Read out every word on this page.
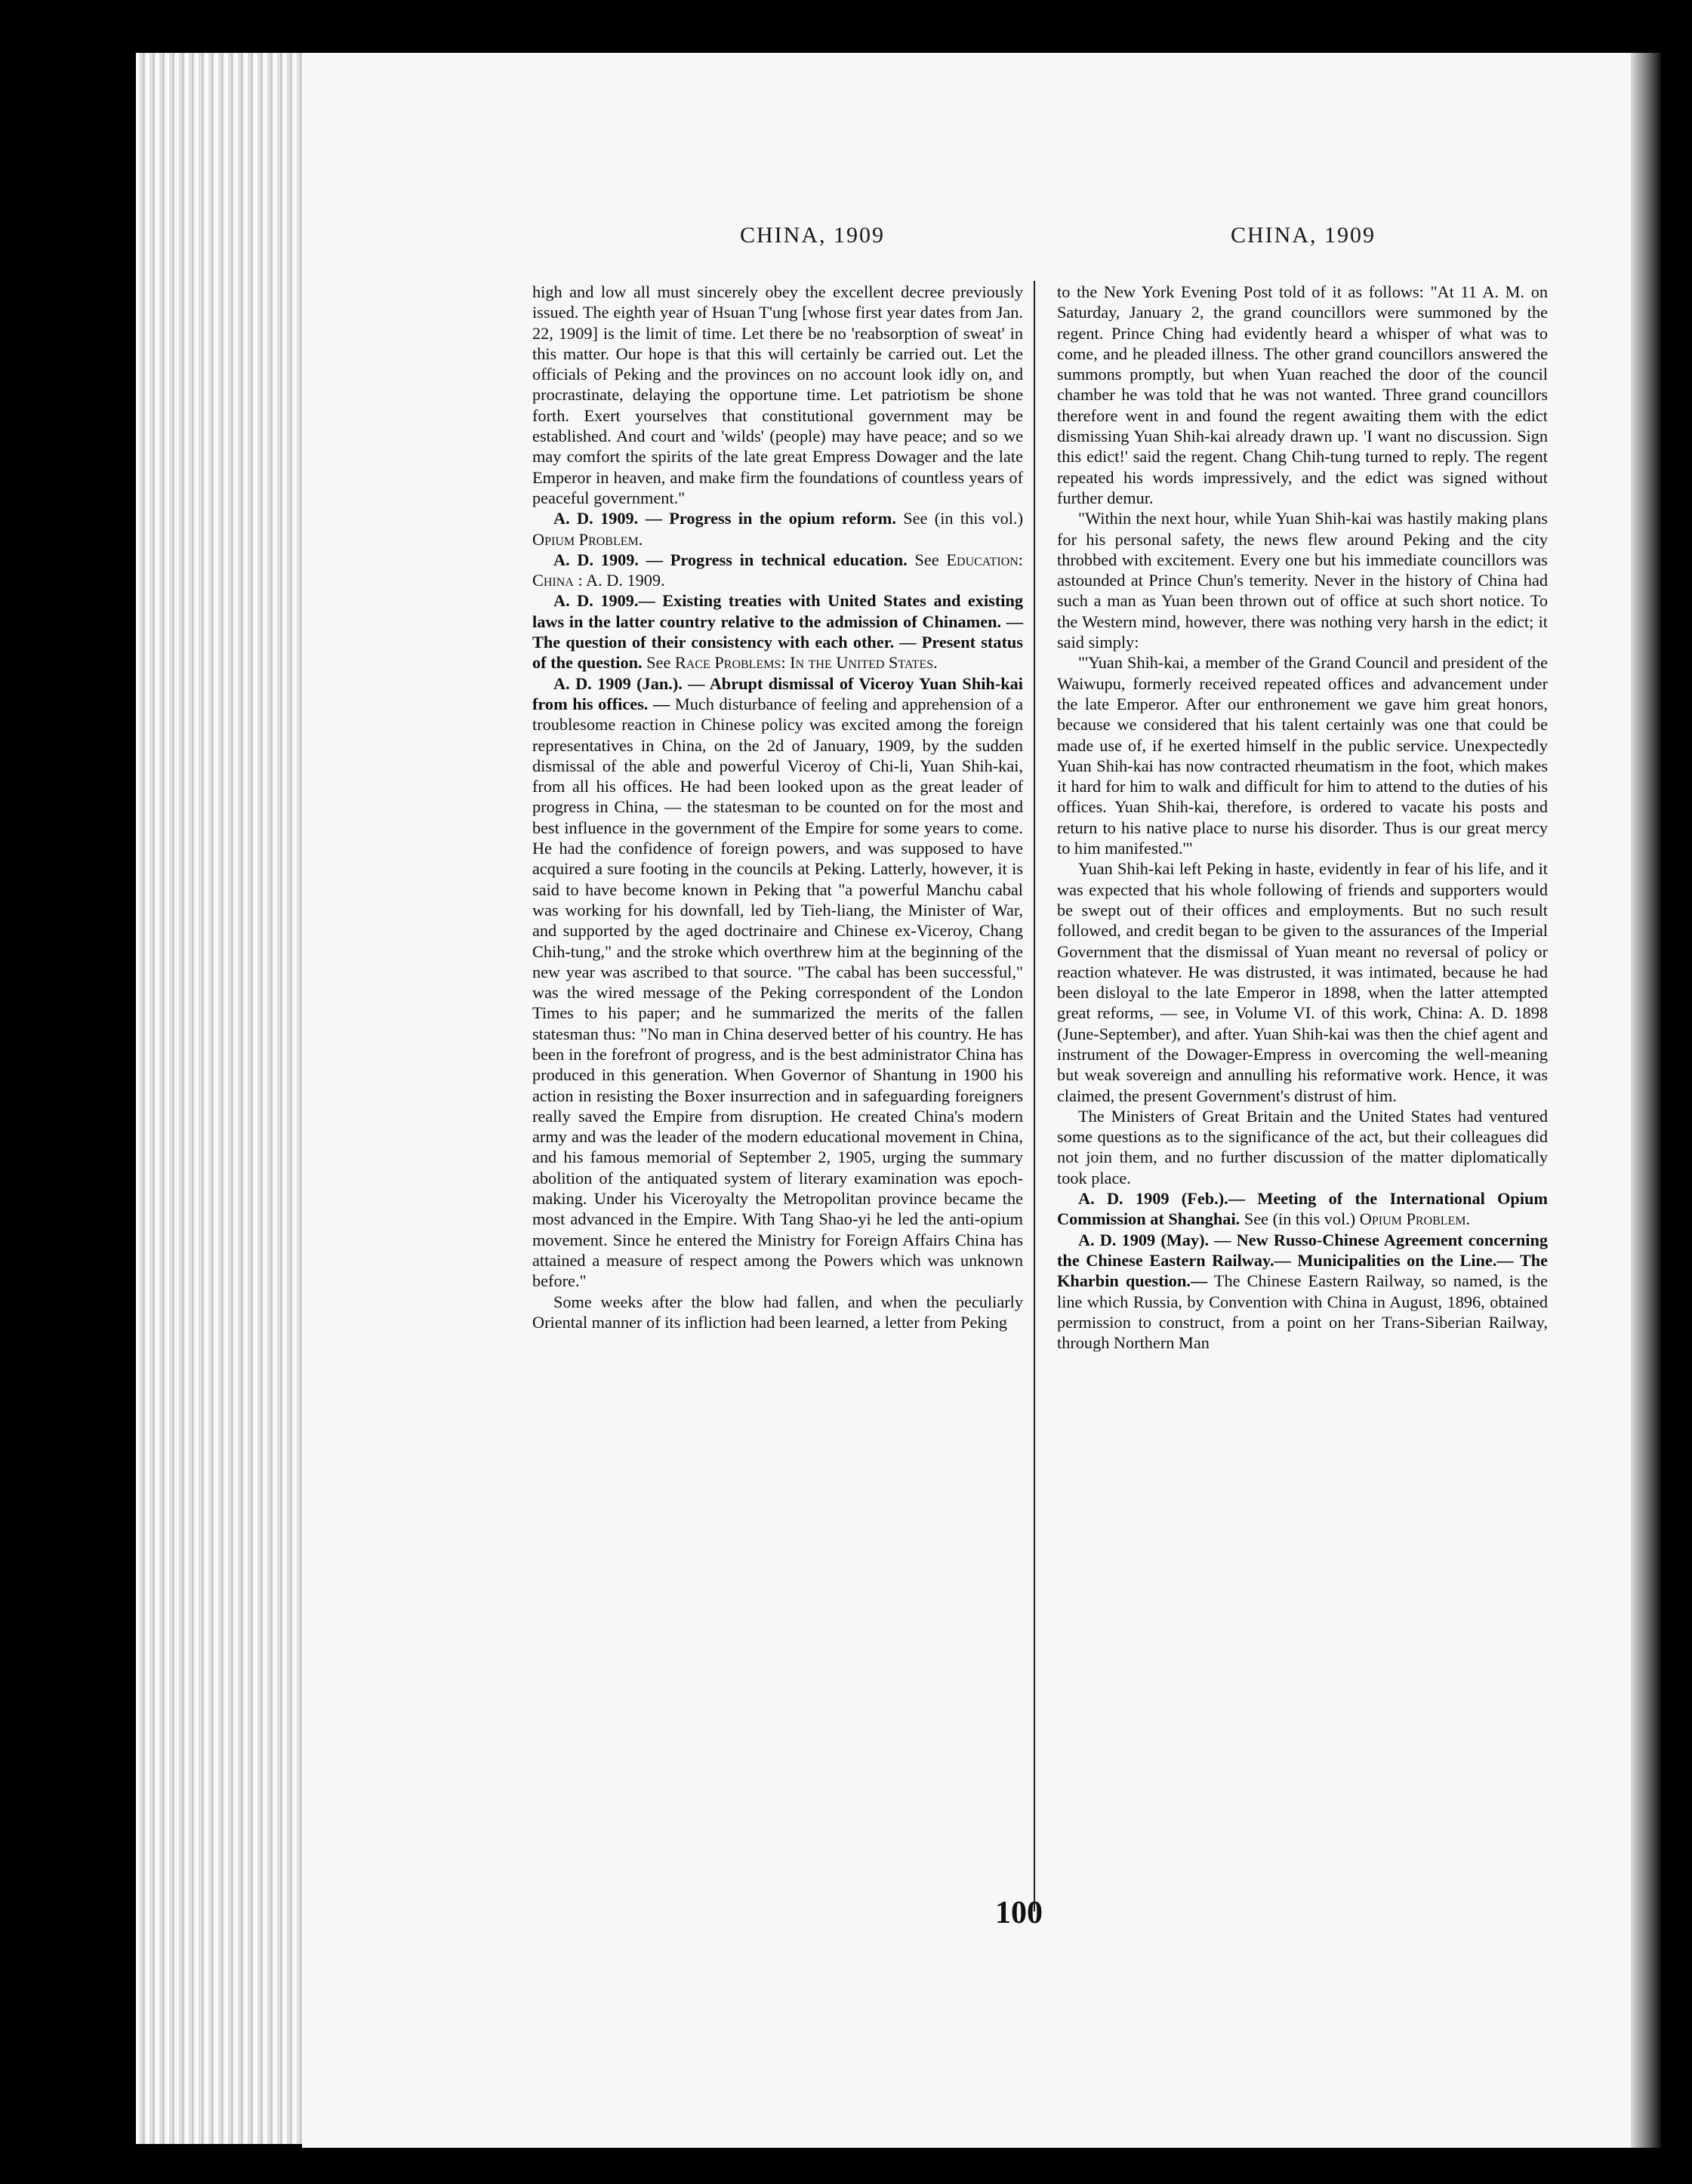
CHINA, 1909	CHINA, 1909

high and low all must sincerely obey the excellent decree previously issued. The eighth year of Hsuan T'ung [whose first year dates from Jan. 22, 1909] is the limit of time. Let there be no 'reabsorption of sweat' in this matter. Our hope is that this will certainly be carried out. Let the officials of Peking and the provinces on no account look idly on, and procrastinate, delaying the opportune time. Let patriotism be shone forth. Exert yourselves that constitutional government may be established. And court and 'wilds' (people) may have peace; and so we may comfort the spirits of the late great Empress Dowager and the late Emperor in heaven, and make firm the foundations of countless years of peaceful government."

A. D. 1909. — Progress in the opium reform. See (in this vol.) Opium Problem.

A. D. 1909. — Progress in technical education. See Education: China : A. D. 1909.

A. D. 1909.— Existing treaties with United States and existing laws in the latter country relative to the admission of Chinamen. — The question of their consistency with each other. — Present status of the question. See Race Problems: In the United States.

A. D. 1909 (Jan.). — Abrupt dismissal of Viceroy Yuan Shih-kai from his offices. — Much disturbance of feeling and apprehension of a troublesome reaction in Chinese policy was excited among the foreign representatives in China, on the 2d of January, 1909, by the sudden dismissal of the able and powerful Viceroy of Chi-li, Yuan Shih-kai, from all his offices. He had been looked upon as the great leader of progress in China, — the statesman to be counted on for the most and best influence in the government of the Empire for some years to come. He had the confidence of foreign powers, and was supposed to have acquired a sure footing in the councils at Peking. Latterly, however, it is said to have become known in Peking that "a powerful Manchu cabal was working for his downfall, led by Tieh-liang, the Minister of War, and supported by the aged doctrinaire and Chinese ex-Viceroy, Chang Chih-tung," and the stroke which overthrew him at the beginning of the new year was ascribed to that source. "The cabal has been successful," was the wired message of the Peking correspondent of the London Times to his paper; and he summarized the merits of the fallen statesman thus: "No man in China deserved better of his country. He has been in the forefront of progress, and is the best administrator China has produced in this generation. When Governor of Shantung in 1900 his action in resisting the Boxer insurrection and in safeguarding foreigners really saved the Empire from disruption. He created China's modern army and was the leader of the modern educational movement in China, and his famous memorial of September 2, 1905, urging the summary abolition of the antiquated system of literary examination was epoch-making. Under his Viceroyalty the Metropolitan province became the most advanced in the Empire. With Tang Shao-yi he led the anti-opium movement. Since he entered the Ministry for Foreign Affairs China has attained a measure of respect among the Powers which was unknown before."

Some weeks after the blow had fallen, and when the peculiarly Oriental manner of its infliction had been learned, a letter from Peking

to the New York Evening Post told of it as follows: "At 11 A. M. on Saturday, January 2, the grand councillors were summoned by the regent. Prince Ching had evidently heard a whisper of what was to come, and he pleaded illness. The other grand councillors answered the summons promptly, but when Yuan reached the door of the council chamber he was told that he was not wanted. Three grand councillors therefore went in and found the regent awaiting them with the edict dismissing Yuan Shih-kai already drawn up. 'I want no discussion. Sign this edict!' said the regent. Chang Chih-tung turned to reply. The regent repeated his words impressively, and the edict was signed without further demur.

"Within the next hour, while Yuan Shih-kai was hastily making plans for his personal safety, the news flew around Peking and the city throbbed with excitement. Every one but his immediate councillors was astounded at Prince Chun's temerity. Never in the history of China had such a man as Yuan been thrown out of office at such short notice. To the Western mind, however, there was nothing very harsh in the edict; it said simply:

"'Yuan Shih-kai, a member of the Grand Council and president of the Waiwupu, formerly received repeated offices and advancement under the late Emperor. After our enthronement we gave him great honors, because we considered that his talent certainly was one that could be made use of, if he exerted himself in the public service. Unexpectedly Yuan Shih-kai has now contracted rheumatism in the foot, which makes it hard for him to walk and difficult for him to attend to the duties of his offices. Yuan Shih-kai, therefore, is ordered to vacate his posts and return to his native place to nurse his disorder. Thus is our great mercy to him manifested.'"

Yuan Shih-kai left Peking in haste, evidently in fear of his life, and it was expected that his whole following of friends and supporters would be swept out of their offices and employments. But no such result followed, and credit began to be given to the assurances of the Imperial Government that the dismissal of Yuan meant no reversal of policy or reaction whatever. He was distrusted, it was intimated, because he had been disloyal to the late Emperor in 1898, when the latter attempted great reforms, — see, in Volume VI. of this work, China: A. D. 1898 (June-September), and after. Yuan Shih-kai was then the chief agent and instrument of the Dowager-Empress in overcoming the well-meaning but weak sovereign and annulling his reformative work. Hence, it was claimed, the present Government's distrust of him.

The Ministers of Great Britain and the United States had ventured some questions as to the significance of the act, but their colleagues did not join them, and no further discussion of the matter diplomatically took place.

A. D. 1909 (Feb.).— Meeting of the International Opium Commission at Shanghai. See (in this vol.) Opium Problem.

A. D. 1909 (May). — New Russo-Chinese Agreement concerning the Chinese Eastern Railway.— Municipalities on the Line.— The Kharbin question.— The Chinese Eastern Railway, so named, is the line which Russia, by Convention with China in August, 1896, obtained permission to construct, from a point on her Trans-Siberian Railway, through Northern Man

100
